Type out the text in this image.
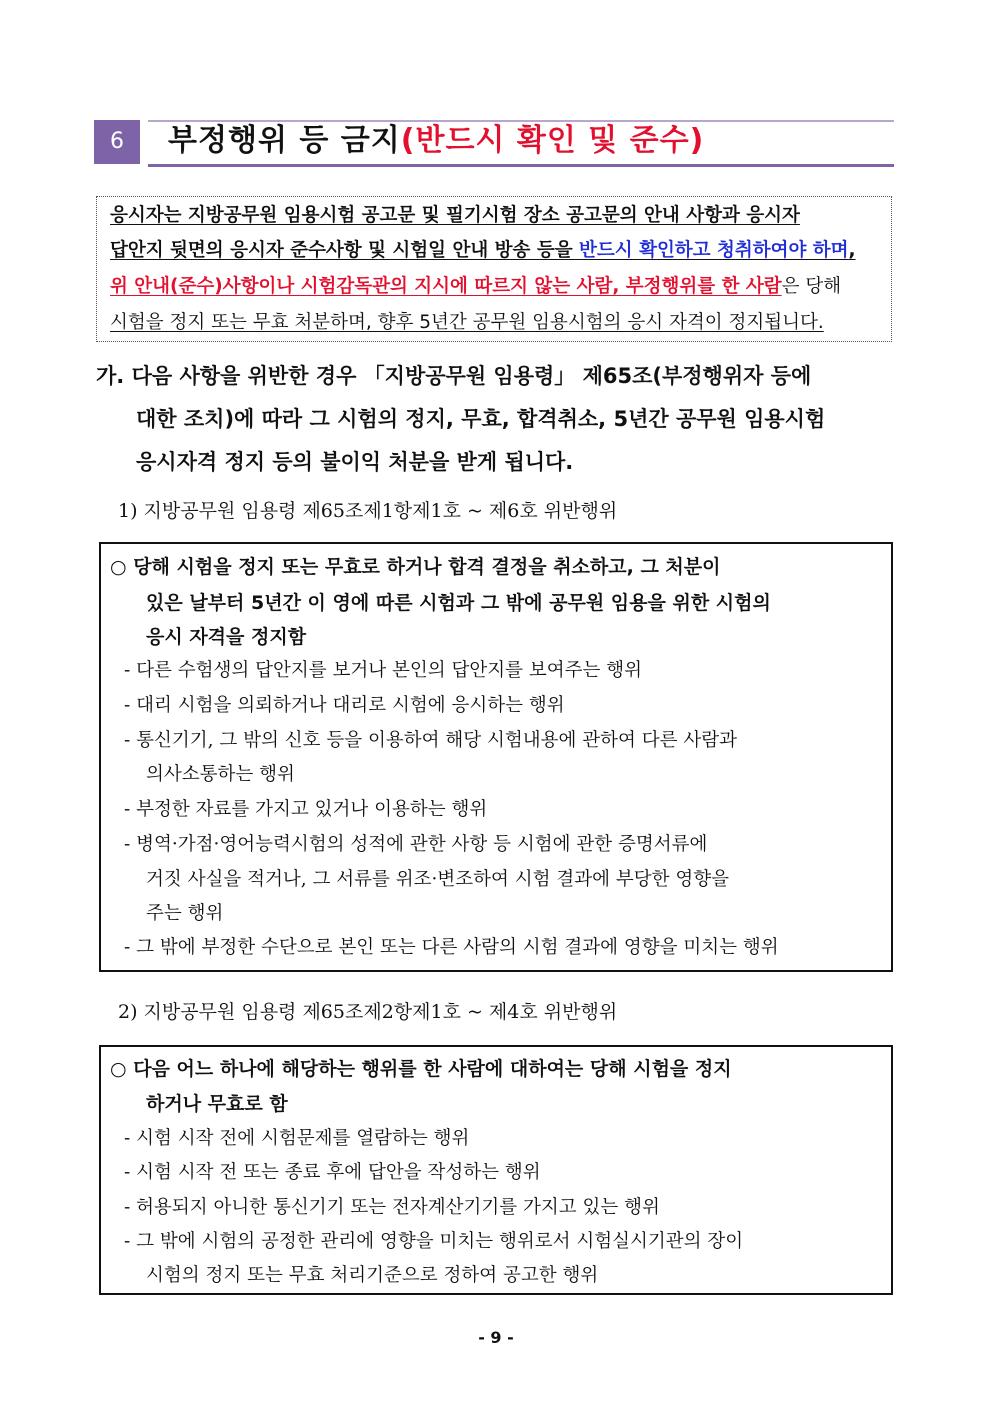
6	부정행위 등 금지(반드시 확인 및 준수)
응시자는 지방공무원 임용시험 공고문 및 필기시험 장소 공고문의 안내 사항과 응시자
답안지 뒷면의 응시자 준수사항 및 시험일 안내 방송 등을 반드시 확인하고 청취하여야 하며,
위 안내(준수)사항이나 시험감독관의 지시에 따르지 않는 사람, 부정행위를 한 사람은 당해
시험을 정지 또는 무효 처분하며, 향후 5년간 공무원 임용시험의 응시 자격이 정지됩니다.
가. 다음 사항을 위반한 경우 「지방공무원 임용령」 제65조(부정행위자 등에
대한 조치)에 따라 그 시험의 정지, 무효, 합격취소, 5년간 공무원 임용시험
응시자격 정지 등의 불이익 처분을 받게 됩니다.
1) 지방공무원 임용령 제65조제1항제1호 ~ 제6호 위반행위
○ 당해 시험을 정지 또는 무효로 하거나 합격 결정을 취소하고, 그 처분이
있은 날부터 5년간 이 영에 따른 시험과 그 밖에 공무원 임용을 위한 시험의
응시 자격을 정지함
- 다른 수험생의 답안지를 보거나 본인의 답안지를 보여주는 행위
- 대리 시험을 의뢰하거나 대리로 시험에 응시하는 행위
- 통신기기, 그 밖의 신호 등을 이용하여 해당 시험내용에 관하여 다른 사람과
의사소통하는 행위
- 부정한 자료를 가지고 있거나 이용하는 행위
- 병역·가점·영어능력시험의 성적에 관한 사항 등 시험에 관한 증명서류에
거짓 사실을 적거나, 그 서류를 위조·변조하여 시험 결과에 부당한 영향을
주는 행위
- 그 밖에 부정한 수단으로 본인 또는 다른 사람의 시험 결과에 영향을 미치는 행위
2) 지방공무원 임용령 제65조제2항제1호 ~ 제4호 위반행위
○ 다음 어느 하나에 해당하는 행위를 한 사람에 대하여는 당해 시험을 정지
하거나 무효로 함
- 시험 시작 전에 시험문제를 열람하는 행위
- 시험 시작 전 또는 종료 후에 답안을 작성하는 행위
- 허용되지 아니한 통신기기 또는 전자계산기기를 가지고 있는 행위
- 그 밖에 시험의 공정한 관리에 영향을 미치는 행위로서 시험실시기관의 장이
시험의 정지 또는 무효 처리기준으로 정하여 공고한 행위
- 9 -
